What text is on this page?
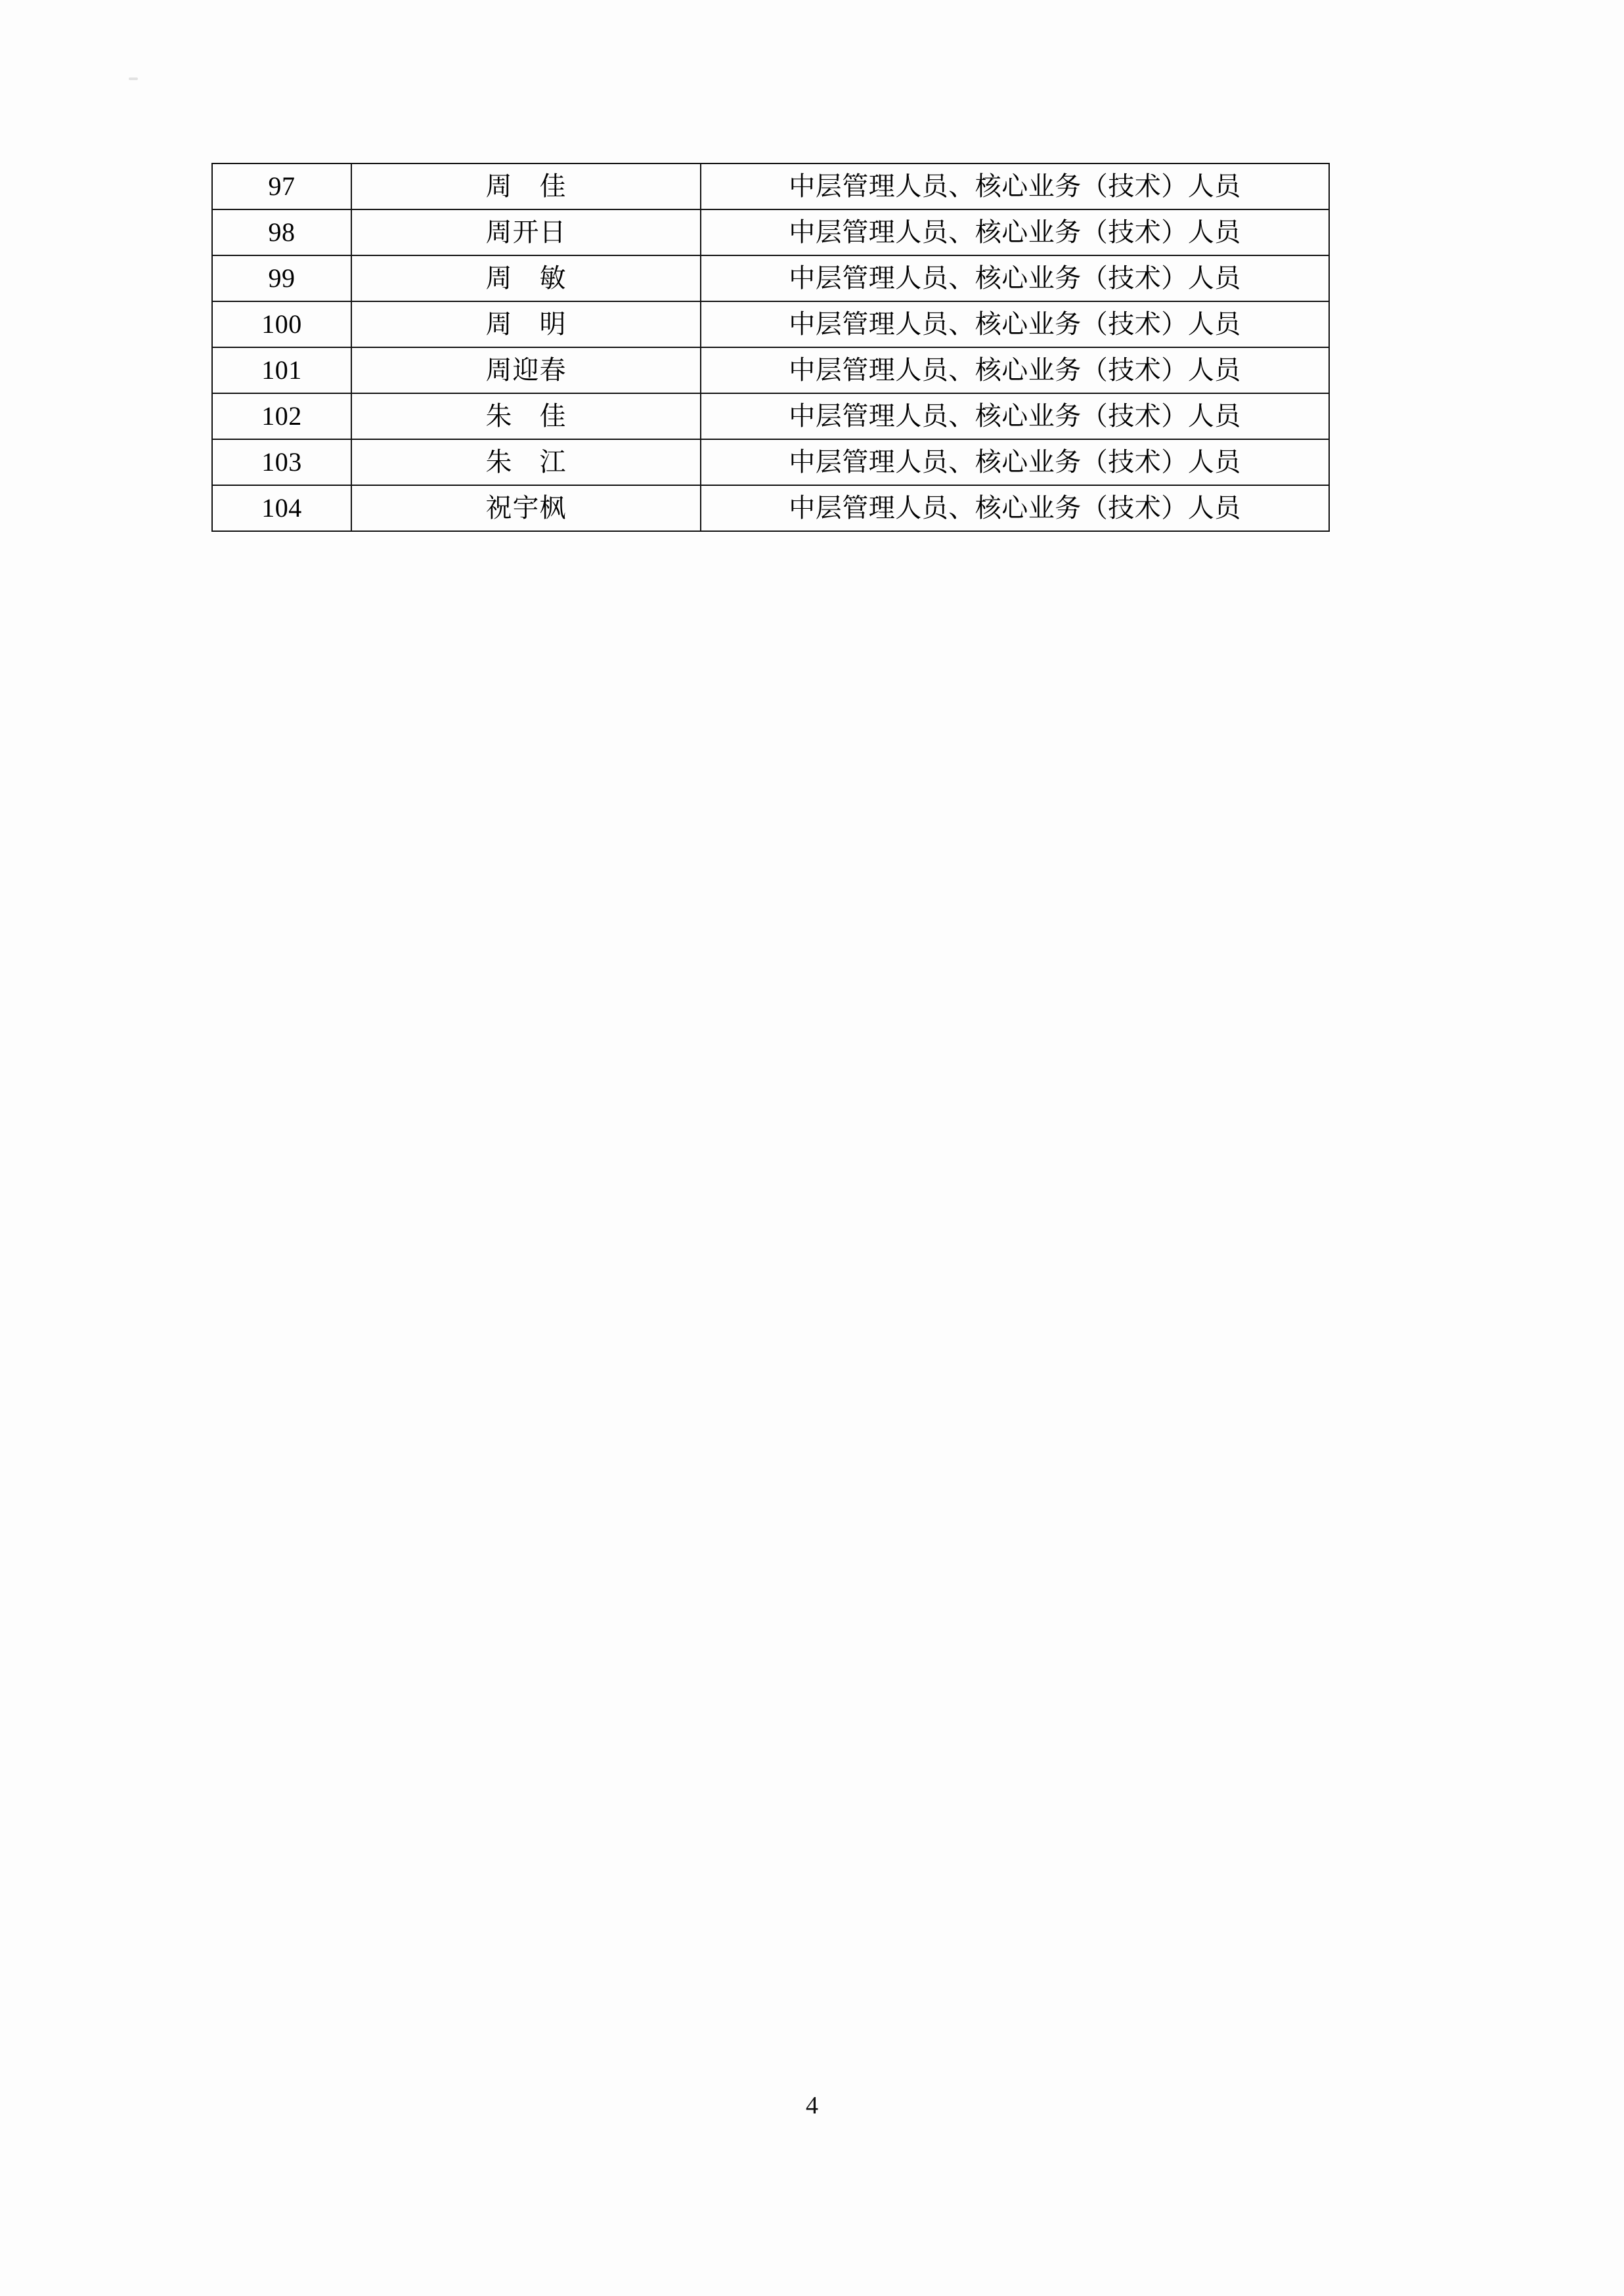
97	周　佳	中层管理人员、核心业务（技术）人员
98	周开日	中层管理人员、核心业务（技术）人员
99	周　敏	中层管理人员、核心业务（技术）人员
100	周　明	中层管理人员、核心业务（技术）人员
101	周迎春	中层管理人员、核心业务（技术）人员
102	朱　佳	中层管理人员、核心业务（技术）人员
103	朱　江	中层管理人员、核心业务（技术）人员
104	祝宇枫	中层管理人员、核心业务（技术）人员
4
